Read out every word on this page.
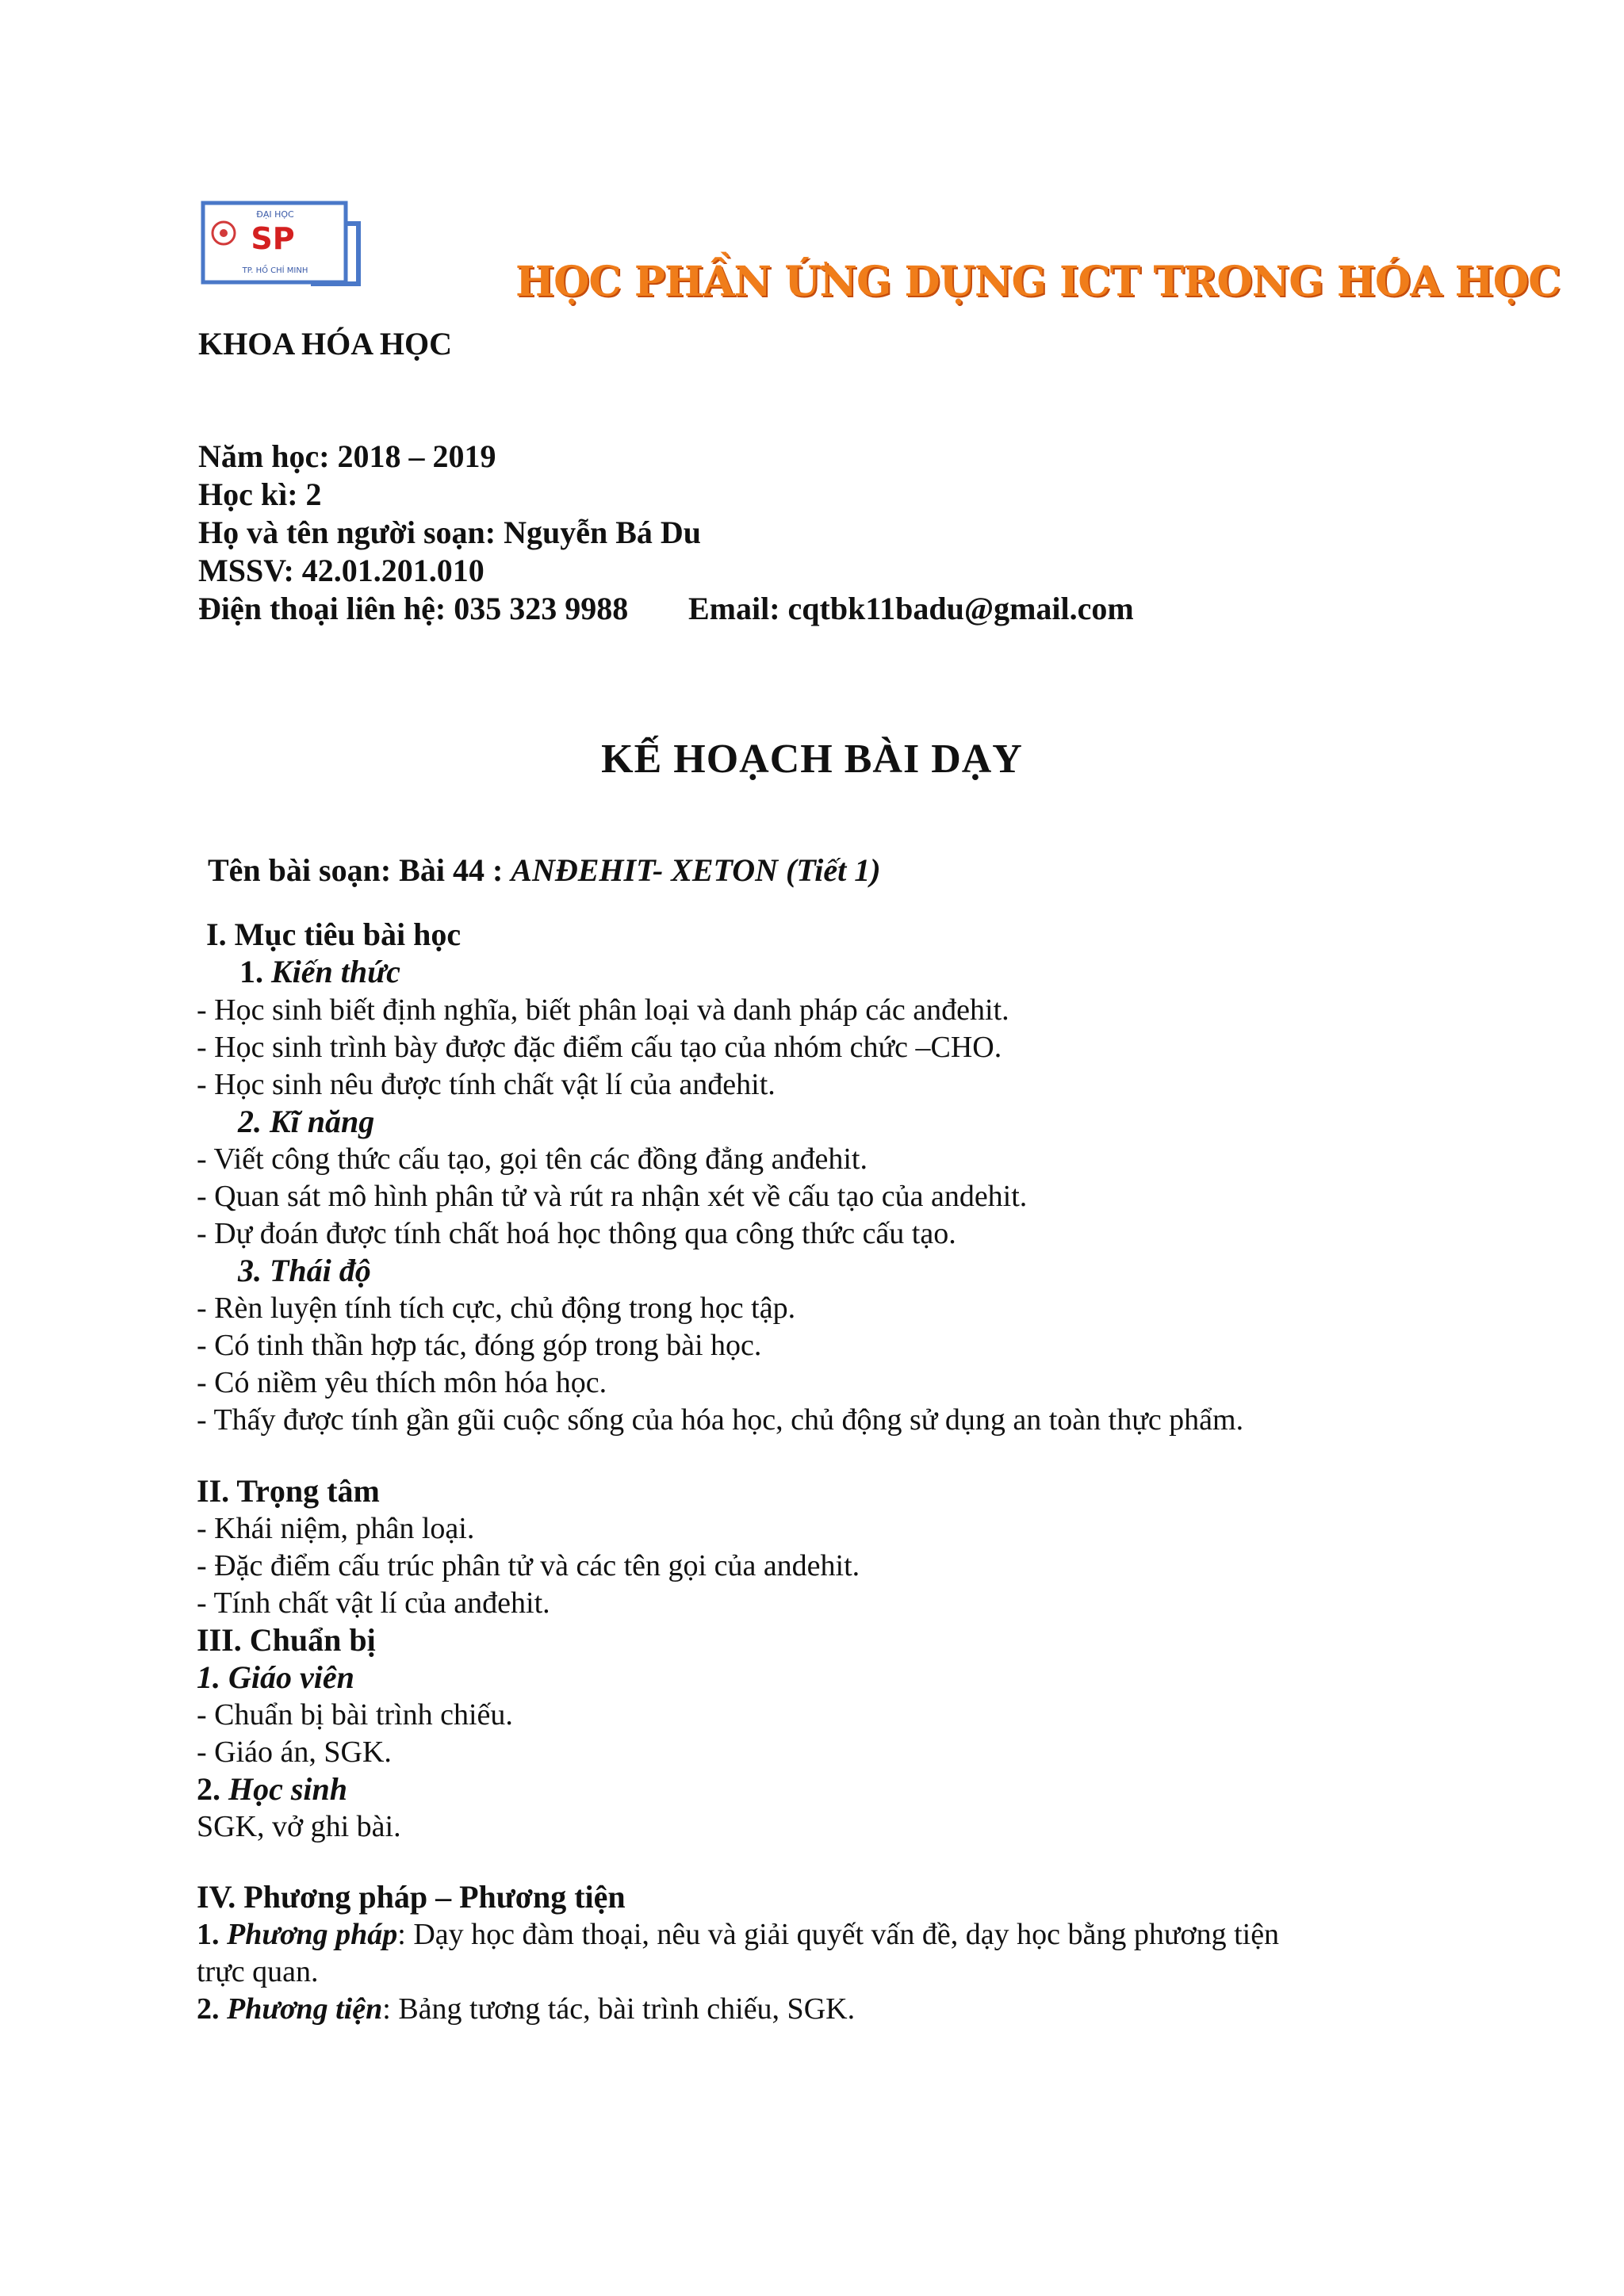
ĐẠI HỌC
SP
TP. HỒ CHÍ MINH	HỌC PHẦN ỨNG DỤNG ICT TRONG HÓA HỌC
KHOA HÓA HỌC
Năm học: 2018 – 2019
Học kì: 2
Họ và tên người soạn: Nguyễn Bá Du
MSSV: 42.01.201.010
Điện thoại liên hệ: 035 323 9988 Email: cqtbk11badu@gmail.com
KẾ HOẠCH BÀI DẠY
Tên bài soạn: Bài 44 : ANĐEHIT- XETON (Tiết 1)
I. Mục tiêu bài học
1. Kiến thức
- Học sinh biết định nghĩa, biết phân loại và danh pháp các anđehit.
- Học sinh trình bày được đặc điểm cấu tạo của nhóm chức –CHO.
- Học sinh nêu được tính chất vật lí của anđehit.
2. Kĩ năng
- Viết công thức cấu tạo, gọi tên các đồng đẳng anđehit.
- Quan sát mô hình phân tử và rút ra nhận xét về cấu tạo của andehit.
- Dự đoán được tính chất hoá học thông qua công thức cấu tạo.
3. Thái độ
- Rèn luyện tính tích cực, chủ động trong học tập.
- Có tinh thần hợp tác, đóng góp trong bài học.
- Có niềm yêu thích môn hóa học.
- Thấy được tính gần gũi cuộc sống của hóa học, chủ động sử dụng an toàn thực phẩm.
II. Trọng tâm
- Khái niệm, phân loại.
- Đặc điểm cấu trúc phân tử và các tên gọi của andehit.
- Tính chất vật lí của anđehit.
III. Chuẩn bị
1. Giáo viên
- Chuẩn bị bài trình chiếu.
- Giáo án, SGK.
2. Học sinh
SGK, vở ghi bài.
IV. Phương pháp – Phương tiện
1. Phương pháp: Dạy học đàm thoại, nêu và giải quyết vấn đề, dạy học bằng phương tiện
trực quan.
2. Phương tiện: Bảng tương tác, bài trình chiếu, SGK.
